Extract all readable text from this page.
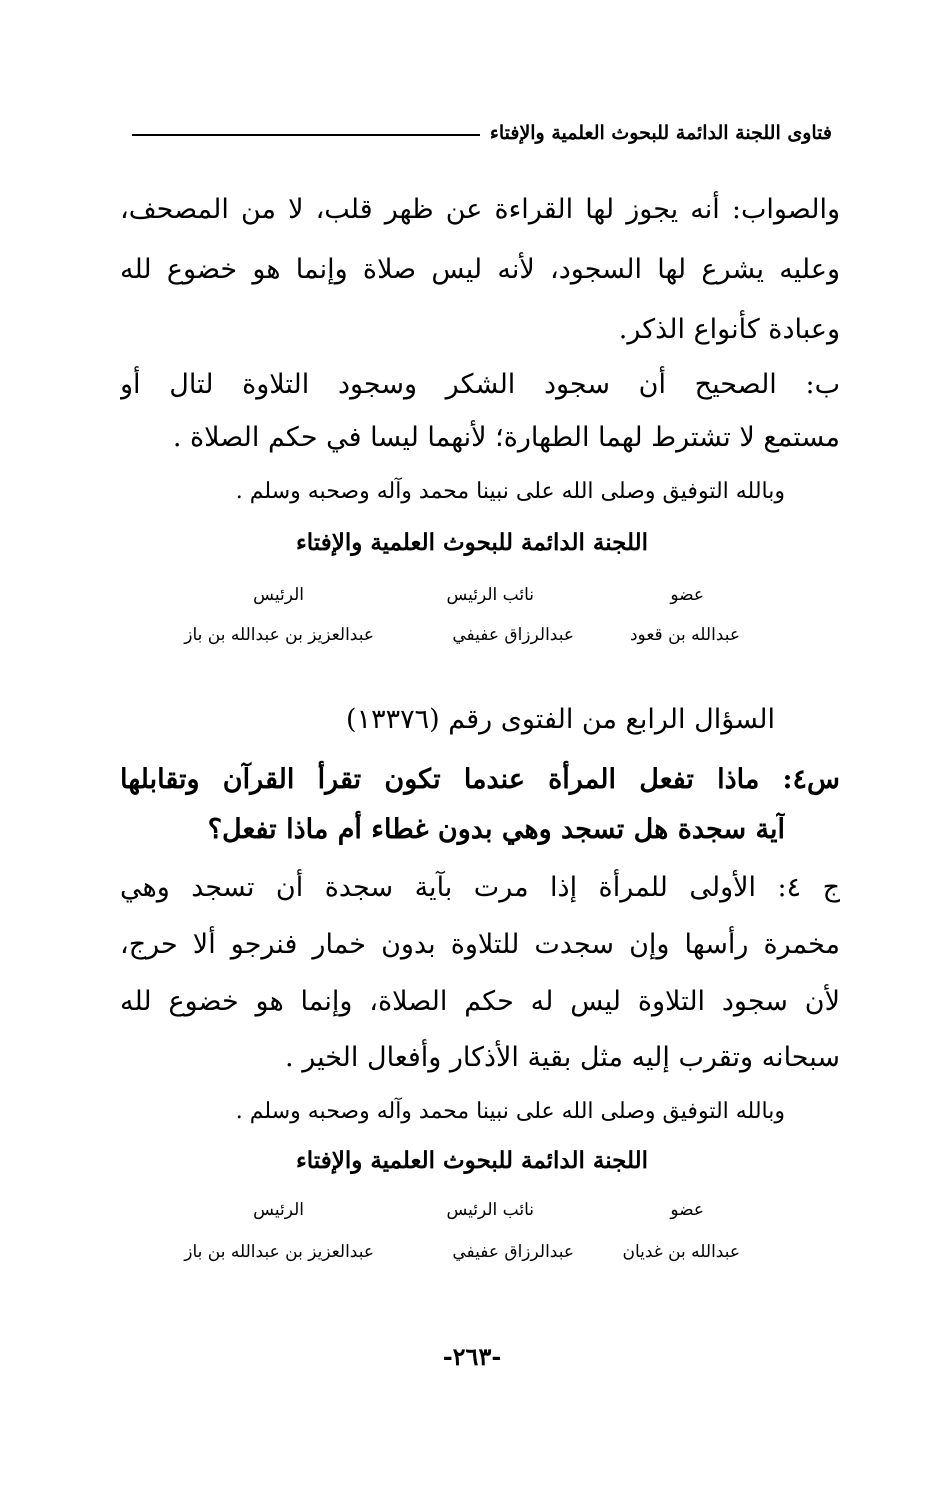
فتاوى اللجنة الدائمة للبحوث العلمية والإفتاء
والصواب: أنه يجوز لها القراءة عن ظهر قلب، لا من المصحف،
وعليه يشرع لها السجود، لأنه ليس صلاة وإنما هو خضوع لله
وعبادة كأنواع الذكر.
ب: الصحيح أن سجود الشكر وسجود التلاوة لتال أو
مستمع لا تشترط لهما الطهارة؛ لأنهما ليسا في حكم الصلاة .
وبالله التوفيق وصلى الله على نبينا محمد وآله وصحبه وسلم .
اللجنة الدائمة للبحوث العلمية والإفتاء
عضو
نائب الرئيس
الرئيس
عبدالله بن قعود
عبدالرزاق عفيفي
عبدالعزيز بن عبدالله بن باز
السؤال الرابع من الفتوى رقم (١٣٣٧٦)
س٤: ماذا تفعل المرأة عندما تكون تقرأ القرآن وتقابلها
آية سجدة هل تسجد وهي بدون غطاء أم ماذا تفعل؟
ج ٤: الأولى للمرأة إذا مرت بآية سجدة أن تسجد وهي
مخمرة رأسها وإن سجدت للتلاوة بدون خمار فنرجو ألا حرج،
لأن سجود التلاوة ليس له حكم الصلاة، وإنما هو خضوع لله
سبحانه وتقرب إليه مثل بقية الأذكار وأفعال الخير .
وبالله التوفيق وصلى الله على نبينا محمد وآله وصحبه وسلم .
اللجنة الدائمة للبحوث العلمية والإفتاء
عضو
نائب الرئيس
الرئيس
عبدالله بن غديان
عبدالرزاق عفيفي
عبدالعزيز بن عبدالله بن باز
-٢٦٣-
